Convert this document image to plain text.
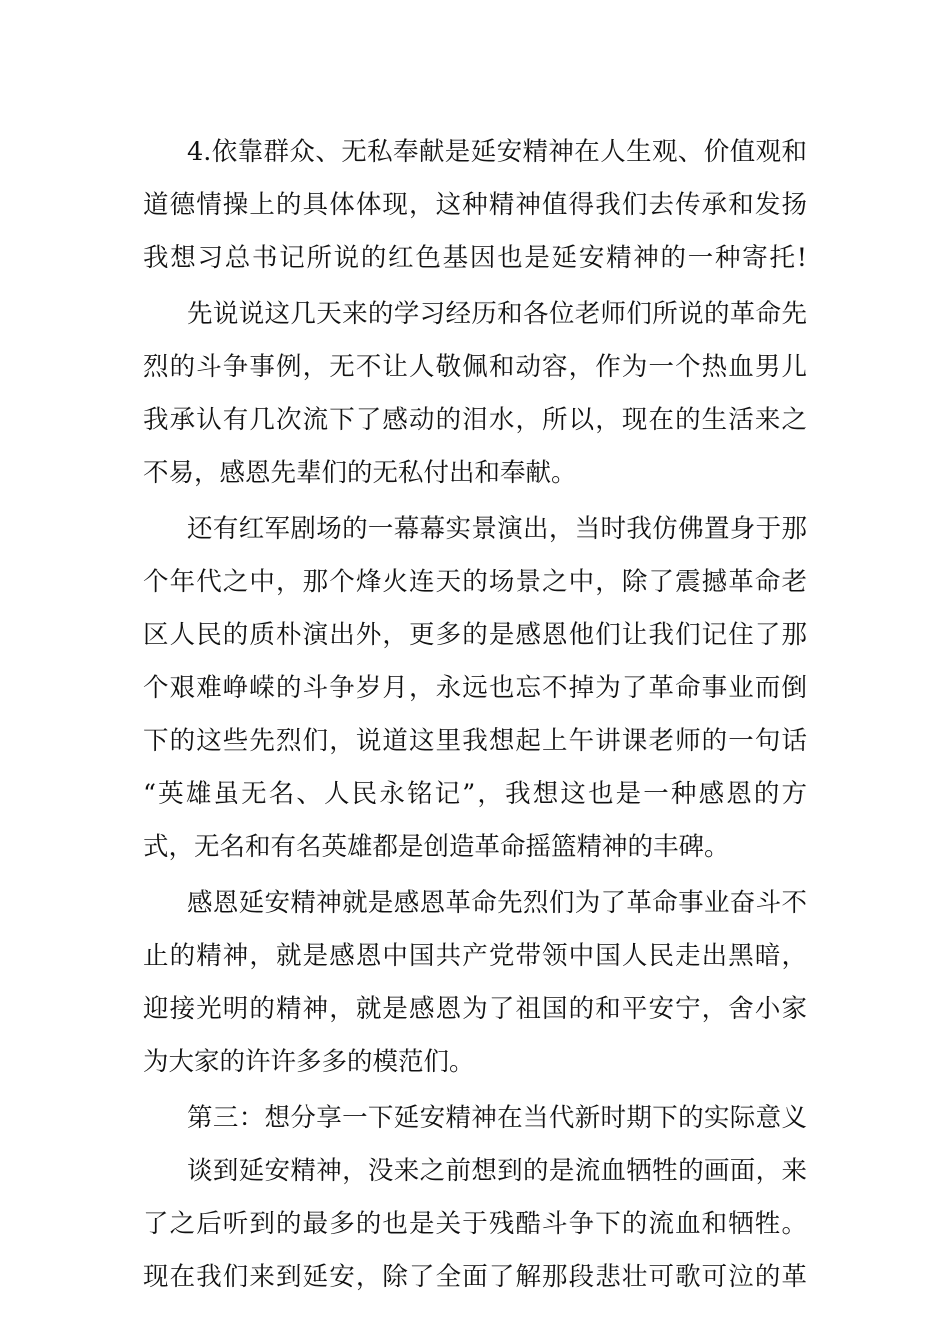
4.依靠群众、无私奉献是延安精神在人生观、价值观和
道德情操上的具体体现，这种精神值得我们去传承和发扬
我想习总书记所说的红色基因也是延安精神的一种寄托!
先说说这几天来的学习经历和各位老师们所说的革命先
烈的斗争事例，无不让人敬佩和动容，作为一个热血男儿
我承认有几次流下了感动的泪水，所以，现在的生活来之
不易，感恩先辈们的无私付出和奉献。
还有红军剧场的一幕幕实景演出，当时我仿佛置身于那
个年代之中，那个烽火连天的场景之中，除了震撼革命老
区人民的质朴演出外，更多的是感恩他们让我们记住了那
个艰难峥嵘的斗争岁月，永远也忘不掉为了革命事业而倒
下的这些先烈们，说道这里我想起上午讲课老师的一句话
“英雄虽无名、人民永铭记”，我想这也是一种感恩的方
式，无名和有名英雄都是创造革命摇篮精神的丰碑。
感恩延安精神就是感恩革命先烈们为了革命事业奋斗不
止的精神，就是感恩中国共产党带领中国人民走出黑暗，
迎接光明的精神，就是感恩为了祖国的和平安宁，舍小家
为大家的许许多多的模范们。
第三：想分享一下延安精神在当代新时期下的实际意义
谈到延安精神，没来之前想到的是流血牺牲的画面，来
了之后听到的最多的也是关于残酷斗争下的流血和牺牲。
现在我们来到延安，除了全面了解那段悲壮可歌可泣的革
